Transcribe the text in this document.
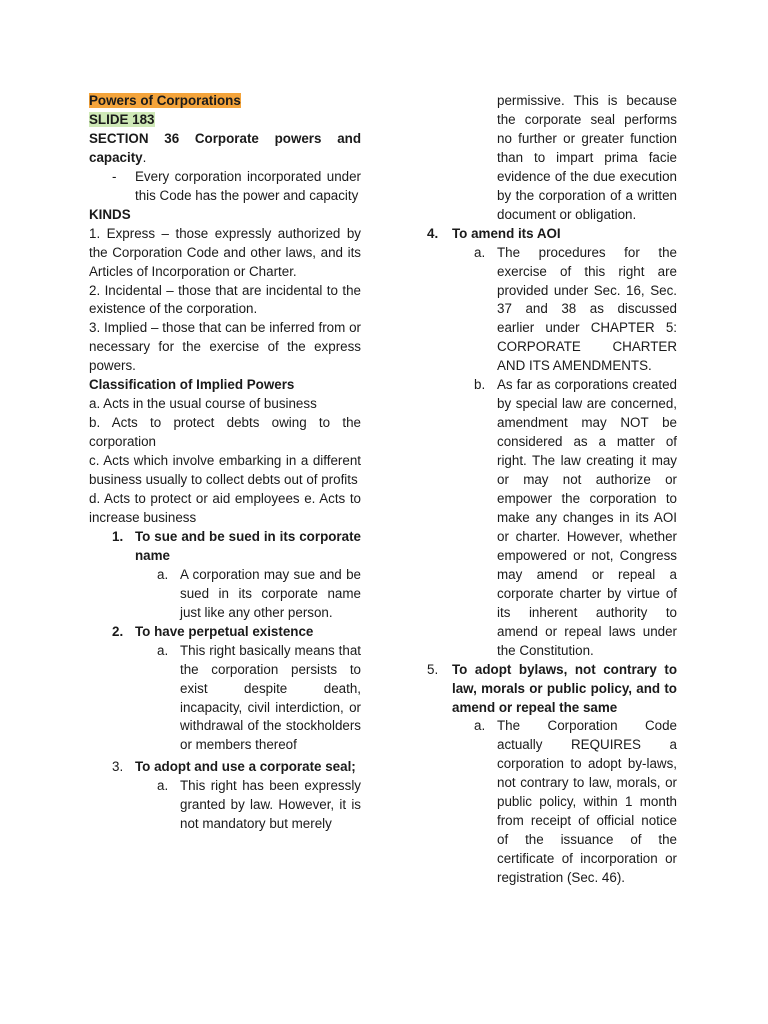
Powers of Corporations
SLIDE 183
SECTION 36 Corporate powers and capacity.
-	Every corporation incorporated under this Code has the power and capacity
KINDS
1. Express – those expressly authorized by the Corporation Code and other laws, and its Articles of Incorporation or Charter.
2. Incidental – those that are incidental to the existence of the corporation.
3. Implied – those that can be inferred from or necessary for the exercise of the express powers.
Classification of Implied Powers
a. Acts in the usual course of business
b. Acts to protect debts owing to the corporation
c. Acts which involve embarking in a different business usually to collect debts out of profits
d. Acts to protect or aid employees e. Acts to increase business
1. To sue and be sued in its corporate name
a. A corporation may sue and be sued in its corporate name just like any other person.
2. To have perpetual existence
a. This right basically means that the corporation persists to exist despite death, incapacity, civil interdiction, or withdrawal of the stockholders or members thereof
3. To adopt and use a corporate seal;
a. This right has been expressly granted by law. However, it is not mandatory but merely
permissive. This is because the corporate seal performs no further or greater function than to impart prima facie evidence of the due execution by the corporation of a written document or obligation.
4.	To amend its AOI
a. The procedures for the exercise of this right are provided under Sec. 16, Sec. 37 and 38 as discussed earlier under CHAPTER 5: CORPORATE CHARTER AND ITS AMENDMENTS.
b. As far as corporations created by special law are concerned, amendment may NOT be considered as a matter of right. The law creating it may or may not authorize or empower the corporation to make any changes in its AOI or charter. However, whether empowered or not, Congress may amend or repeal a corporate charter by virtue of its inherent authority to amend or repeal laws under the Constitution.
5.	To adopt bylaws, not contrary to law, morals or public policy, and to amend or repeal the same
a. The Corporation Code actually REQUIRES a corporation to adopt by-laws, not contrary to law, morals, or public policy, within 1 month from receipt of official notice of the issuance of the certificate of incorporation or registration (Sec. 46).
